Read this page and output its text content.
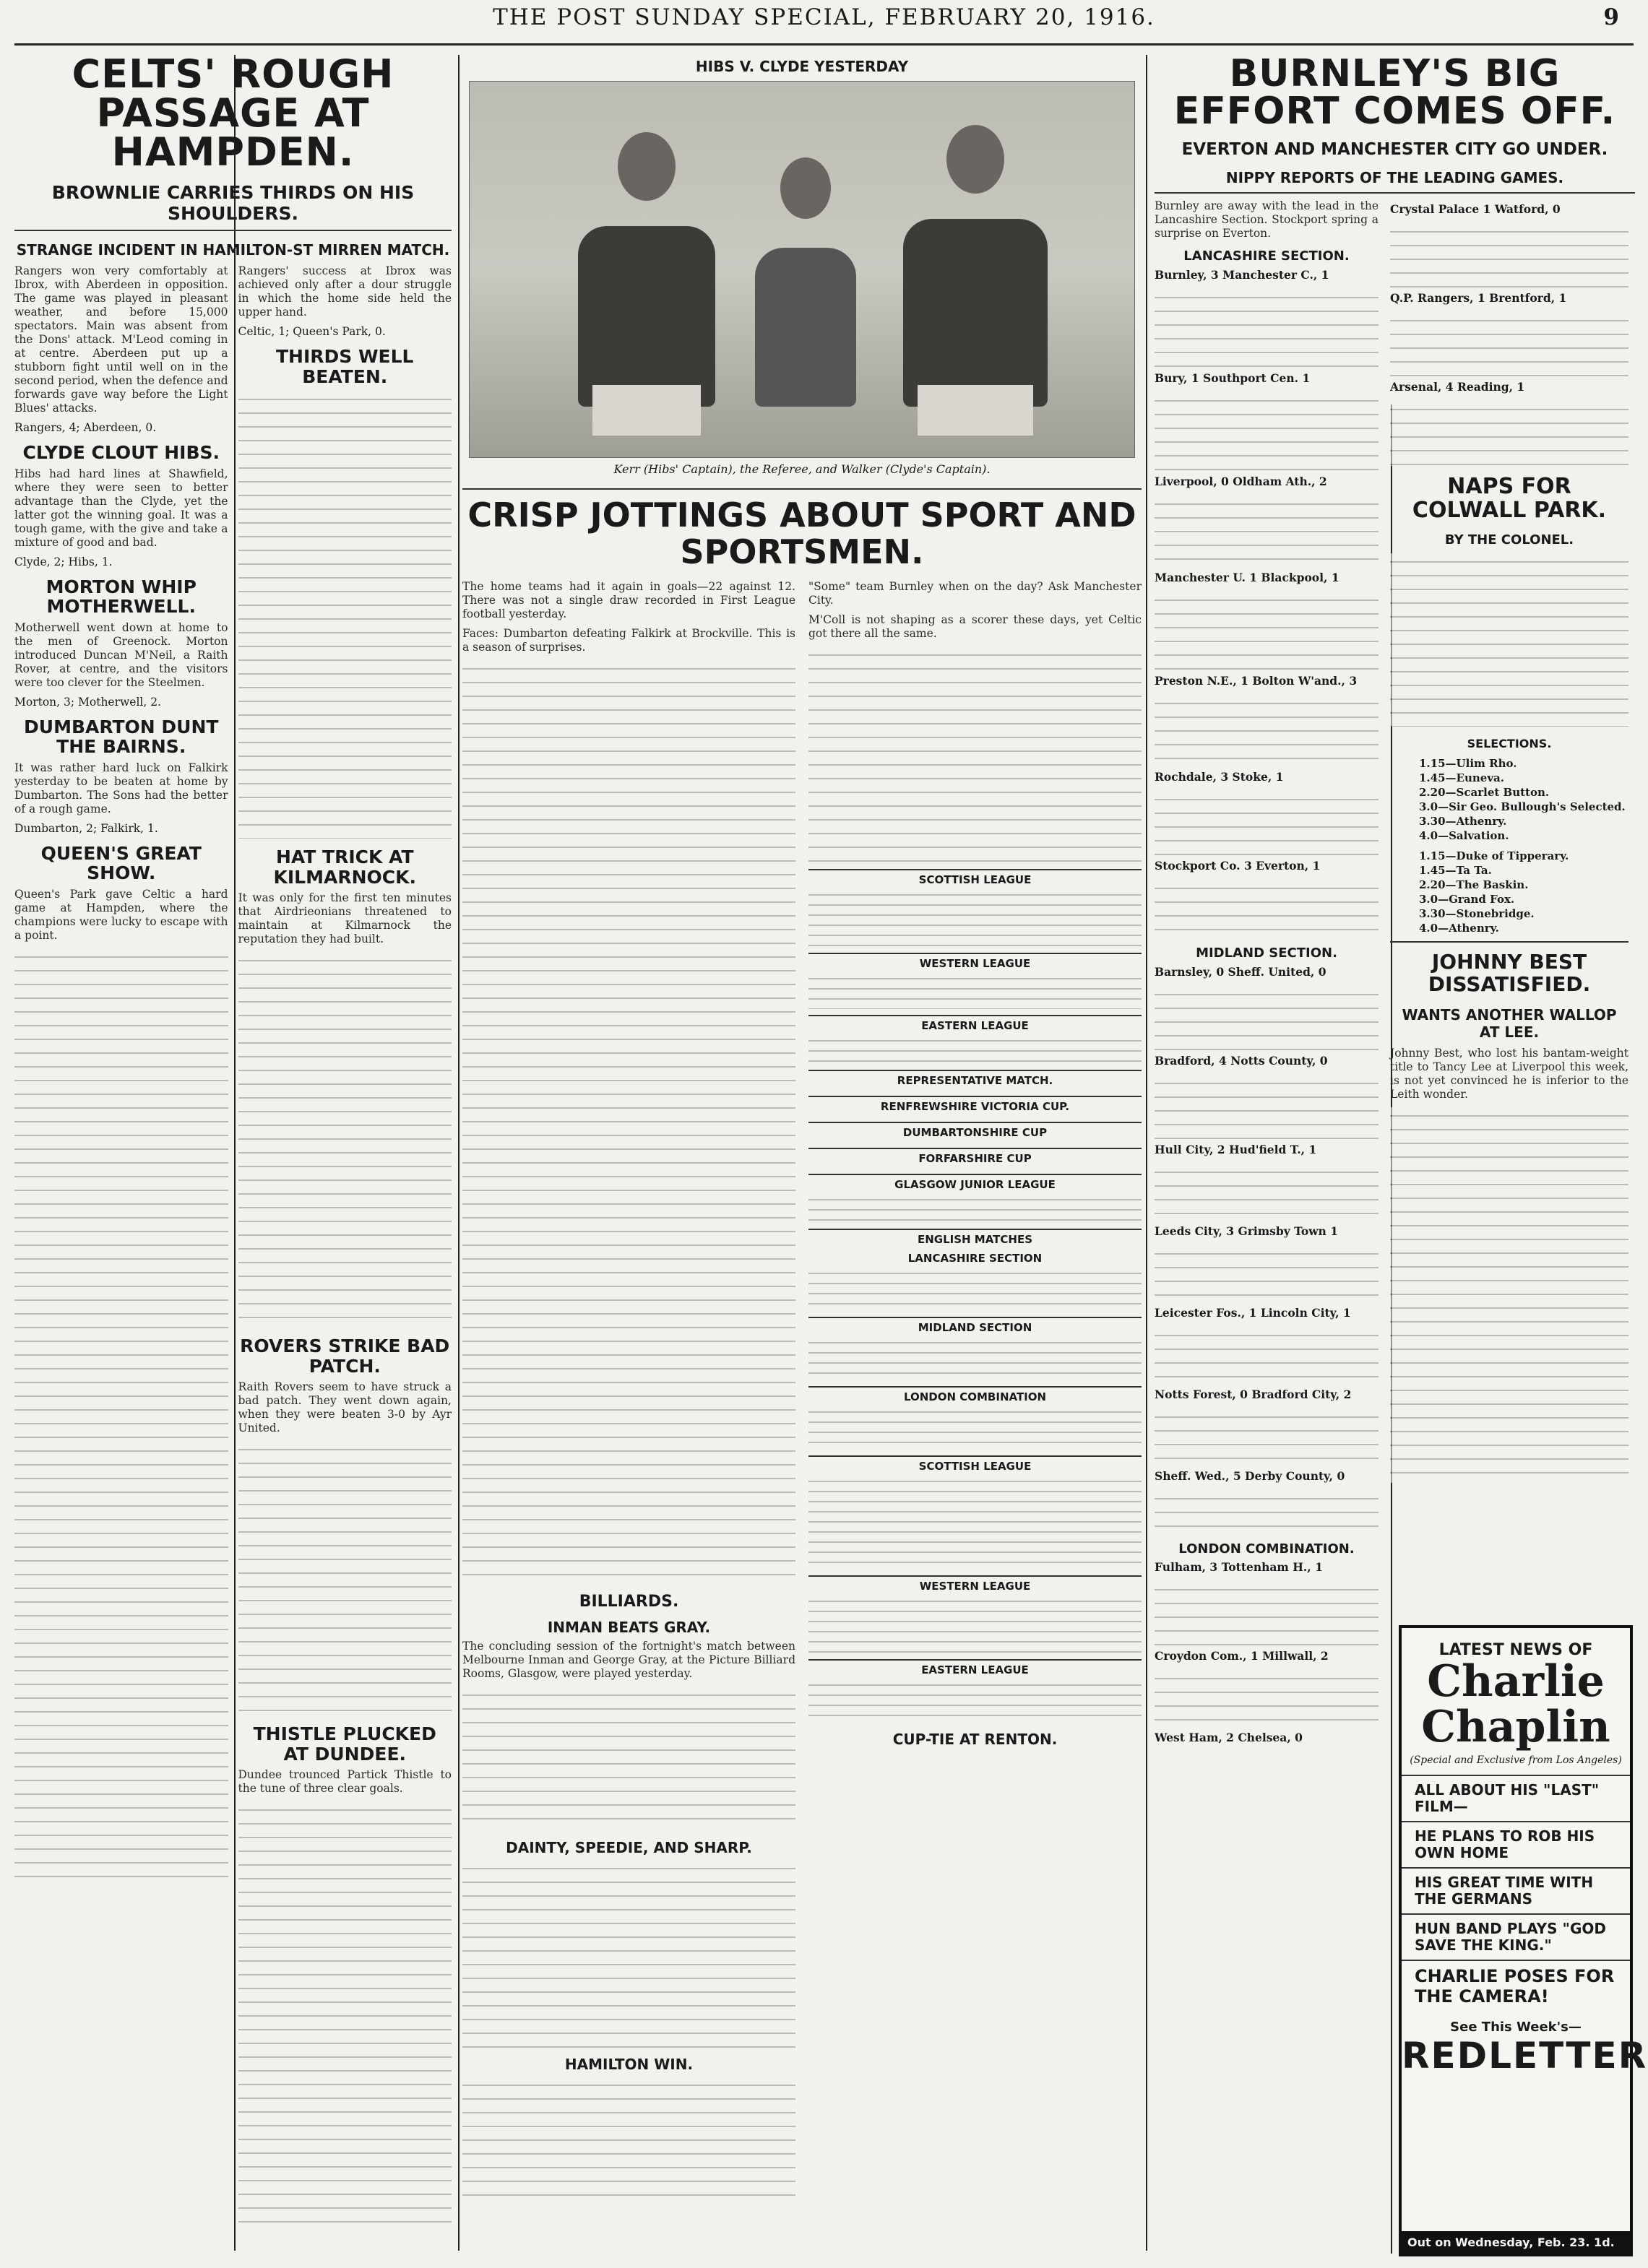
THE POST SUNDAY SPECIAL, FEBRUARY 20, 1916.	9
CELTS' ROUGH PASSAGE AT HAMPDEN.
BROWNLIE CARRIES THIRDS ON HIS SHOULDERS.
STRANGE INCIDENT IN HAMILTON-ST MIRREN MATCH.

Rangers won very comfortably at Ibrox, with Aberdeen in opposition. The game was played in pleasant weather, and before 15,000 spectators. Main was absent from the Dons' attack. M'Leod coming in at centre. Aberdeen put up a stubborn fight until well on in the second period, when the defence and forwards gave way before the Light Blues' attacks.

Rangers, 4; Aberdeen, 0.

CLYDE CLOUT HIBS.

Hibs had hard lines at Shawfield, where they were seen to better advantage than the Clyde, yet the latter got the winning goal. It was a tough game, with the give and take a mixture of good and bad.

Clyde, 2; Hibs, 1.

MORTON WHIP MOTHERWELL.

Motherwell went down at home to the men of Greenock. Morton introduced Duncan M'Neil, a Raith Rover, at centre, and the visitors were too clever for the Steelmen.

Morton, 3; Motherwell, 2.

DUMBARTON DUNT THE BAIRNS.

It was rather hard luck on Falkirk yesterday to be beaten at home by Dumbarton. The Sons had the better of a rough game.

Dumbarton, 2; Falkirk, 1.

QUEEN'S GREAT SHOW.

Queen's Park gave Celtic a hard game at Hampden, where the champions were lucky to escape with a point.

Rangers' success at Ibrox was achieved only after a dour struggle in which the home side held the upper hand.

Celtic, 1; Queen's Park, 0.

THIRDS WELL BEATEN.
HAT TRICK AT KILMARNOCK.

It was only for the first ten minutes that Airdrieonians threatened to maintain at Kilmarnock the reputation they had built.

ROVERS STRIKE BAD PATCH.

Raith Rovers seem to have struck a bad patch. They went down again, when they were beaten 3-0 by Ayr United.

THISTLE PLUCKED AT DUNDEE.

Dundee trounced Partick Thistle to the tune of three clear goals.

HIBS V. CLYDE YESTERDAY
Kerr (Hibs' Captain), the Referee, and Walker (Clyde's Captain).
CRISP JOTTINGS ABOUT SPORT AND SPORTSMEN.

The home teams had it again in goals—22 against 12. There was not a single draw recorded in First League football yesterday.

Faces: Dumbarton defeating Falkirk at Brockville. This is a season of surprises.

BILLIARDS.
INMAN BEATS GRAY.

The concluding session of the fortnight's match between Melbourne Inman and George Gray, at the Picture Billiard Rooms, Glasgow, were played yesterday.

DAINTY, SPEEDIE, AND SHARP.
HAMILTON WIN.

"Some" team Burnley when on the day? Ask Manchester City.

M'Coll is not shaping as a scorer these days, yet Celtic got there all the same.

SCOTTISH LEAGUE
WESTERN LEAGUE
EASTERN LEAGUE
REPRESENTATIVE MATCH.
RENFREWSHIRE VICTORIA CUP.
DUMBARTONSHIRE CUP
FORFARSHIRE CUP
GLASGOW JUNIOR LEAGUE
ENGLISH MATCHES
LANCASHIRE SECTION
MIDLAND SECTION
LONDON COMBINATION
SCOTTISH LEAGUE
WESTERN LEAGUE
EASTERN LEAGUE
CUP-TIE AT RENTON.
BURNLEY'S BIG EFFORT COMES OFF.
EVERTON AND MANCHESTER CITY GO UNDER.
NIPPY REPORTS OF THE LEADING GAMES.

Burnley are away with the lead in the Lancashire Section. Stockport spring a surprise on Everton.

LANCASHIRE SECTION.

Burnley, 3 Manchester C., 1

Bury, 1 Southport Cen. 1

Liverpool, 0 Oldham Ath., 2

Manchester U. 1 Blackpool, 1

Preston N.E., 1 Bolton W'and., 3

Rochdale, 3 Stoke, 1

Stockport Co. 3 Everton, 1

MIDLAND SECTION.

Barnsley, 0 Sheff. United, 0

Bradford, 4 Notts County, 0

Hull City, 2 Hud'field T., 1

Leeds City, 3 Grimsby Town 1

Leicester Fos., 1 Lincoln City, 1

Notts Forest, 0 Bradford City, 2

Sheff. Wed., 5 Derby County, 0

LONDON COMBINATION.

Fulham, 3 Tottenham H., 1

Croydon Com., 1 Millwall, 2

West Ham, 2 Chelsea, 0

Crystal Palace 1 Watford, 0

Q.P. Rangers, 1 Brentford, 1

Arsenal, 4 Reading, 1

NAPS FOR COLWALL PARK.
BY THE COLONEL.
SELECTIONS.
1.15—Ulim Rho.
1.45—Euneva.
2.20—Scarlet Button.
3.0—Sir Geo. Bullough's Selected.
3.30—Athenry.
4.0—Salvation.
1.15—Duke of Tipperary.
1.45—Ta Ta.
2.20—The Baskin.
3.0—Grand Fox.
3.30—Stonebridge.
4.0—Athenry.
JOHNNY BEST DISSATISFIED.
WANTS ANOTHER WALLOP AT LEE.

Johnny Best, who lost his bantam-weight title to Tancy Lee at Liverpool this week, is not yet convinced he is inferior to the Leith wonder.

LATEST NEWS OF
Charlie
Chaplin
(Special and Exclusive from Los Angeles)
ALL ABOUT HIS "LAST" FILM—
HE PLANS TO ROB HIS OWN HOME
HIS GREAT TIME WITH THE GERMANS
HUN BAND PLAYS "GOD SAVE THE KING."
CHARLIE POSES FOR THE CAMERA!
See This Week's—
REDLETTER
Out on Wednesday, Feb. 23. 1d.
